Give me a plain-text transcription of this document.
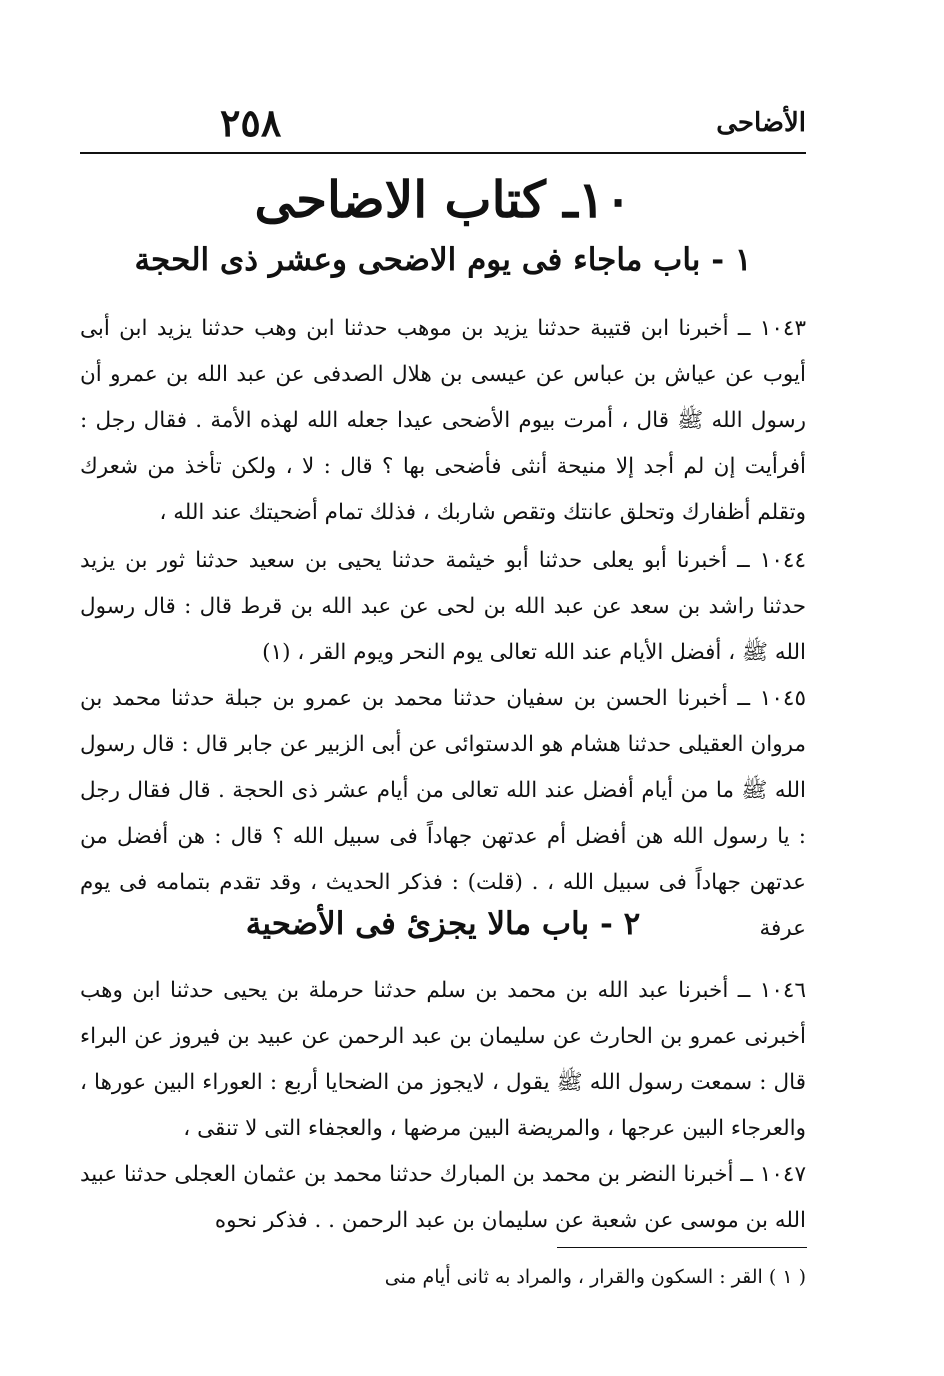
٢٥٨	الأضاحى
١٠ـ كتاب الاضاحى
١ - باب ماجاء فى يوم الاضحى وعشر ذى الحجة
١٠٤٣ ــ أخبرنا ابن قتيبة حدثنا يزيد بن موهب حدثنا ابن وهب حدثنا يزيد ابن أبى أيوب عن عياش بن عباس عن عيسى بن هلال الصدفى عن عبد الله بن عمرو أن رسول الله ﷺ قال ، أمرت بيوم الأضحى عيدا جعله الله لهذه الأمة . فقال رجل : أفرأيت إن لم أجد إلا منيحة أنثى فأضحى بها ؟ قال : لا ، ولكن تأخذ من شعرك وتقلم أظفارك وتحلق عانتك وتقص شاربك ، فذلك تمام أضحيتك عند الله ،
١٠٤٤ ــ أخبرنا أبو يعلى حدثنا أبو خيثمة حدثنا يحيى بن سعيد حدثنا ثور بن يزيد حدثنا راشد بن سعد عن عبد الله بن لحى عن عبد الله بن قرط قال : قال رسول الله ﷺ ، أفضل الأيام عند الله تعالى يوم النحر ويوم القر ، (١)
١٠٤٥ ــ أخبرنا الحسن بن سفيان حدثنا محمد بن عمرو بن جبلة حدثنا محمد بن مروان العقيلى حدثنا هشام هو الدستوائى عن أبى الزبير عن جابر قال : قال رسول الله ﷺ ما من أيام أفضل عند الله تعالى من أيام عشر ذى الحجة . قال فقال رجل : يا رسول الله هن أفضل أم عدتهن جهاداً فى سبيل الله ؟ قال : هن أفضل من عدتهن جهاداً فى سبيل الله ، . (قلت) : فذكر الحديث ، وقد تقدم بتمامه فى يوم عرفة
٢ - باب مالا يجزئ فى الأضحية
١٠٤٦ ــ أخبرنا عبد الله بن محمد بن سلم حدثنا حرملة بن يحيى حدثنا ابن وهب أخبرنى عمرو بن الحارث عن سليمان بن عبد الرحمن عن عبيد بن فيروز عن البراء قال : سمعت رسول الله ﷺ يقول ، لايجوز من الضحايا أربع : العوراء البين عورها ، والعرجاء البين عرجها ، والمريضة البين مرضها ، والعجفاء التى لا تنقى ،
١٠٤٧ ــ أخبرنا النضر بن محمد بن المبارك حدثنا محمد بن عثمان العجلى حدثنا عبيد الله بن موسى عن شعبة عن سليمان بن عبد الرحمن . . فذكر نحوه
( ١ ) القر : السكون والقرار ، والمراد به ثانى أيام منى
